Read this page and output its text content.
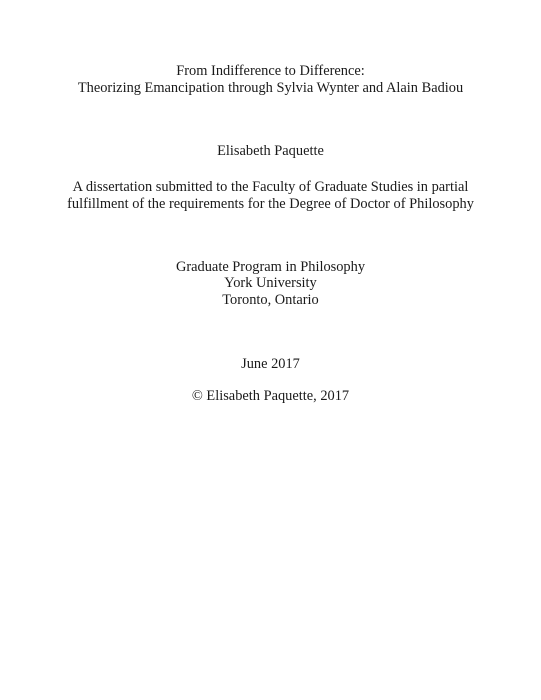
From Indifference to Difference:
Theorizing Emancipation through Sylvia Wynter and Alain Badiou
Elisabeth Paquette
A dissertation submitted to the Faculty of Graduate Studies in partial
fulfillment of the requirements for the Degree of Doctor of Philosophy
Graduate Program in Philosophy
York University
Toronto, Ontario
June 2017
© Elisabeth Paquette, 2017
